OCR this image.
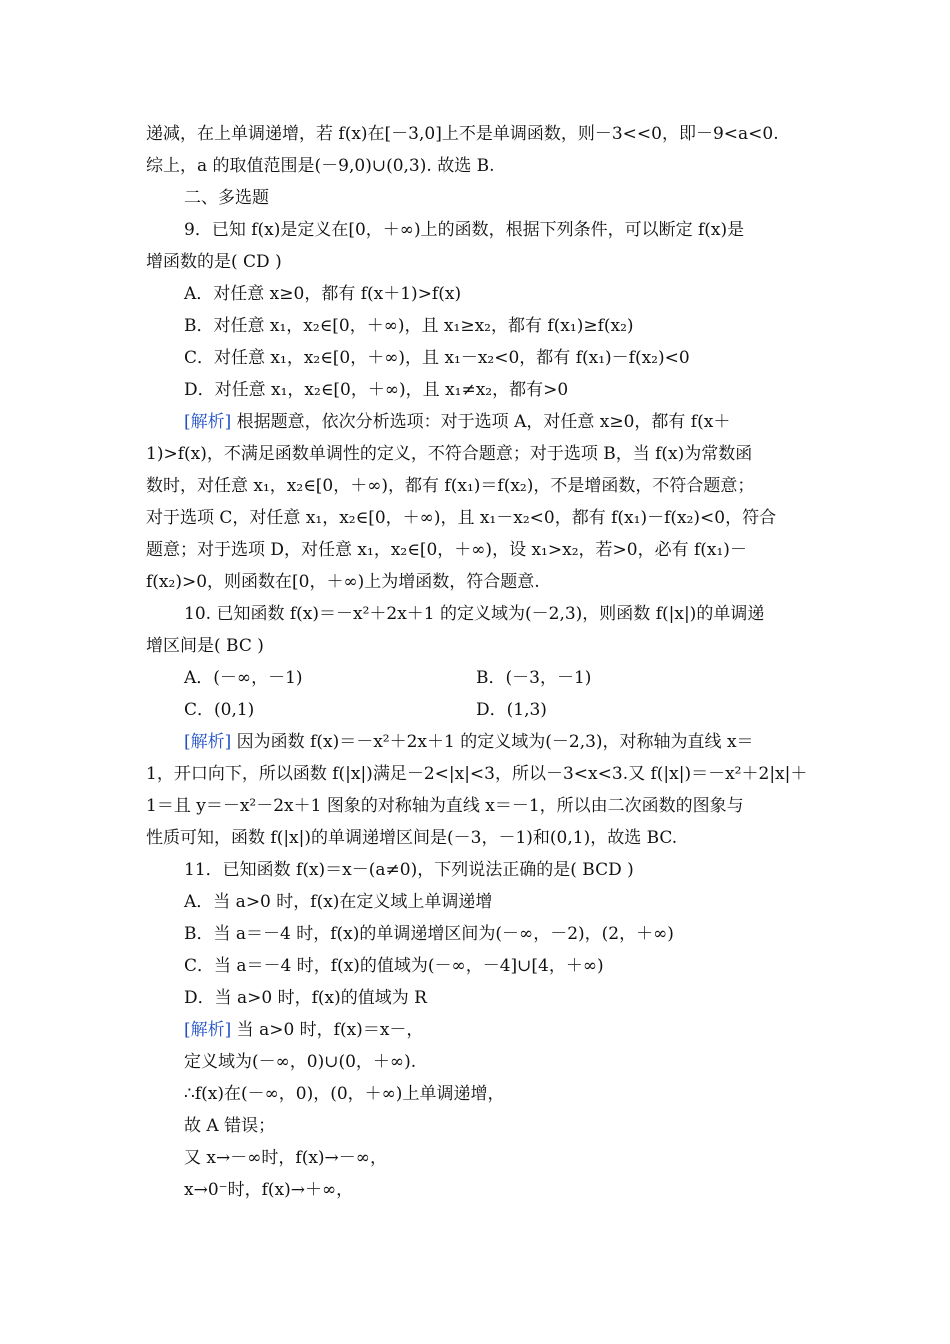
递减，在上单调递增，若 f(x)在[－3,0]上不是单调函数，则－3<<0，即－9<a<0.
综上，a 的取值范围是(－9,0)∪(0,3). 故选 B.
二、多选题
9．已知 f(x)是定义在[0，＋∞)上的函数，根据下列条件，可以断定 f(x)是
增函数的是( CD )
A．对任意 x≥0，都有 f(x＋1)>f(x)
B．对任意 x₁，x₂∈[0，＋∞)，且 x₁≥x₂，都有 f(x₁)≥f(x₂)
C．对任意 x₁，x₂∈[0，＋∞)，且 x₁－x₂<0，都有 f(x₁)－f(x₂)<0
D．对任意 x₁，x₂∈[0，＋∞)，且 x₁≠x₂，都有>0
[解析] 根据题意，依次分析选项：对于选项 A，对任意 x≥0，都有 f(x＋
1)>f(x)，不满足函数单调性的定义，不符合题意；对于选项 B，当 f(x)为常数函
数时，对任意 x₁，x₂∈[0，＋∞)，都有 f(x₁)＝f(x₂)，不是增函数，不符合题意；
对于选项 C，对任意 x₁，x₂∈[0，＋∞)，且 x₁－x₂<0，都有 f(x₁)－f(x₂)<0，符合
题意；对于选项 D，对任意 x₁，x₂∈[0，＋∞)，设 x₁>x₂，若>0，必有 f(x₁)－
f(x₂)>0，则函数在[0，＋∞)上为增函数，符合题意.
10. 已知函数 f(x)＝－x²＋2x＋1 的定义域为(－2,3)，则函数 f(|x|)的单调递
增区间是( BC )
A．(－∞，－1)	B．(－3，－1)
C．(0,1)	D．(1,3)
[解析] 因为函数 f(x)＝－x²＋2x＋1 的定义域为(－2,3)，对称轴为直线 x＝
1，开口向下，所以函数 f(|x|)满足－2<|x|<3，所以－3<x<3.又 f(|x|)＝－x²＋2|x|＋
1＝且 y＝－x²－2x＋1 图象的对称轴为直线 x＝－1，所以由二次函数的图象与
性质可知，函数 f(|x|)的单调递增区间是(－3，－1)和(0,1)，故选 BC.
11．已知函数 f(x)＝x－(a≠0)，下列说法正确的是( BCD )
A．当 a>0 时，f(x)在定义域上单调递增
B．当 a＝－4 时，f(x)的单调递增区间为(－∞，－2)，(2，＋∞)
C．当 a＝－4 时，f(x)的值域为(－∞，－4]∪[4，＋∞)
D．当 a>0 时，f(x)的值域为 R
[解析] 当 a>0 时，f(x)＝x－，
定义域为(－∞，0)∪(0，＋∞).
∴f(x)在(－∞，0)，(0，＋∞)上单调递增，
故 A 错误；
又 x→－∞时，f(x)→－∞，
x→0⁻时，f(x)→＋∞，
